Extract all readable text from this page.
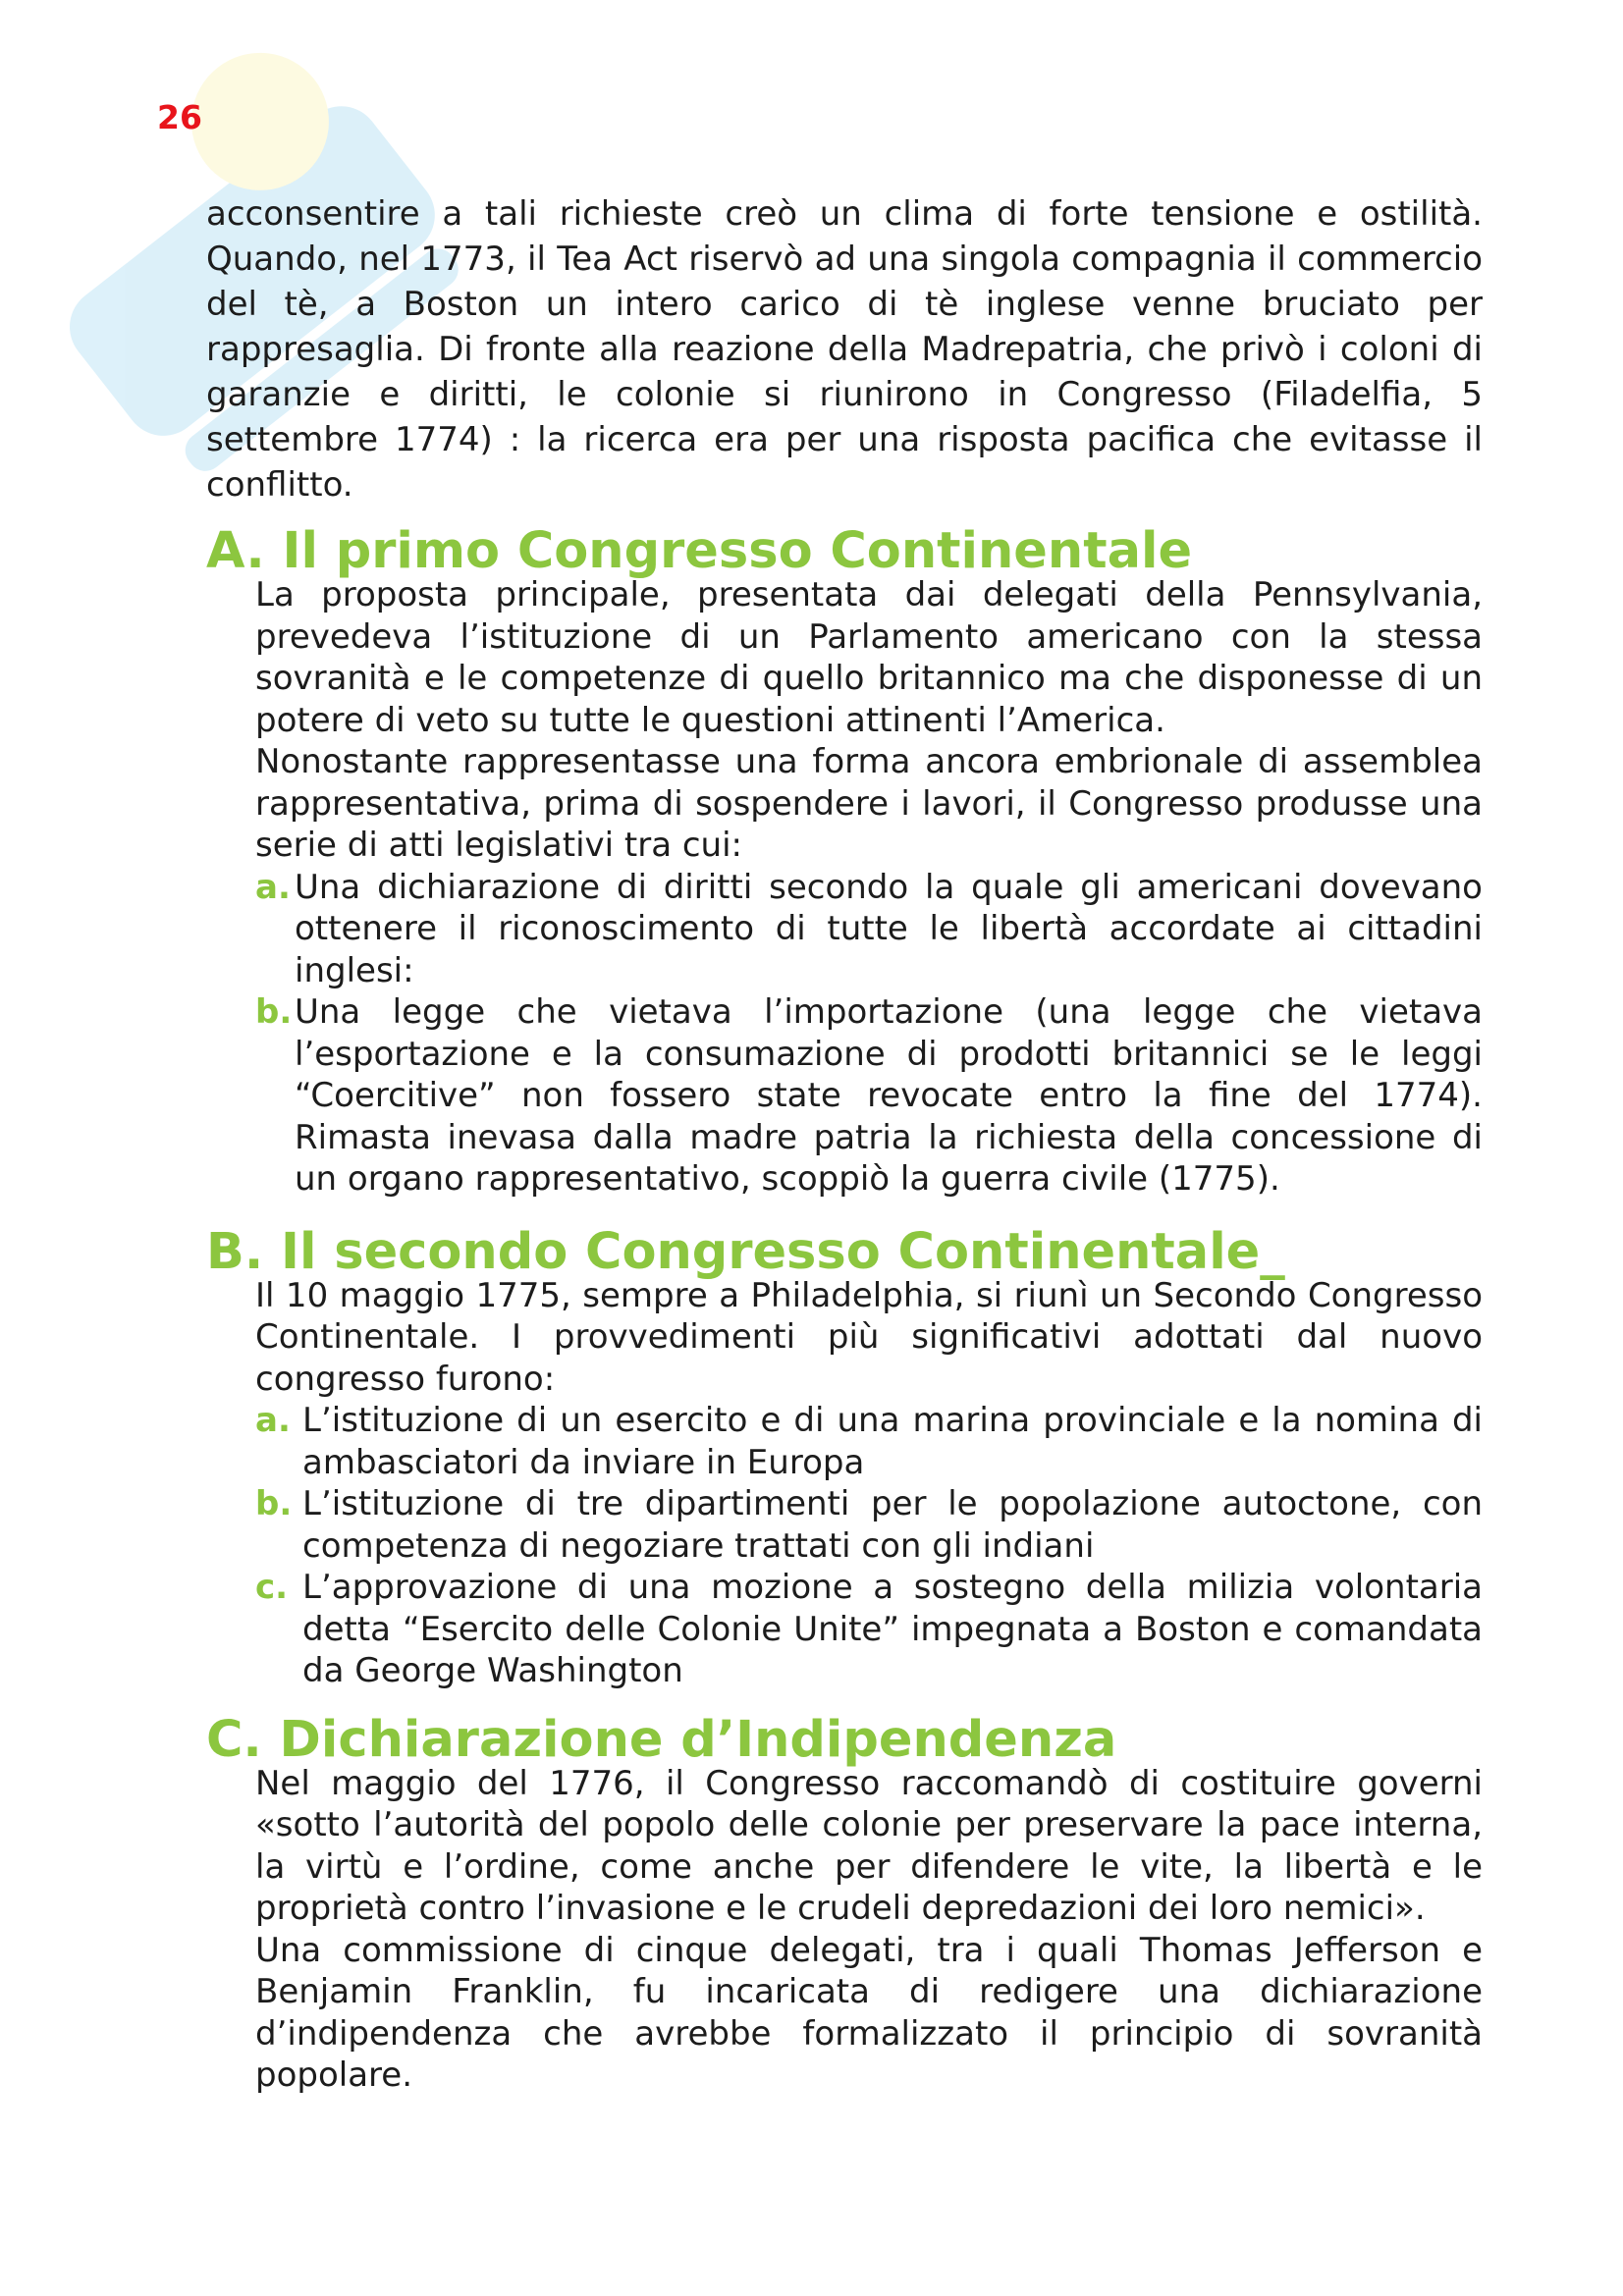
26

acconsentire a tali richieste creò un clima di forte tensione e ostilità. Quando, nel 1773, il Tea Act riservò ad una singola compagnia il commercio del tè, a Boston un intero carico di tè inglese venne bruciato per rappresaglia. Di fronte alla reazione della Madrepatria, che privò i coloni di garanzie e diritti, le colonie si riunirono in Congresso (Filadelfia, 5 settembre 1774) : la ricerca era per una risposta pacifica che evitasse il conflitto.

A. Il primo Congresso Continentale

La proposta principale, presentata dai delegati della Pennsylvania, prevedeva l’istituzione di un Parlamento americano con la stessa sovranità e le competenze di quello britannico ma che disponesse di un potere di veto su tutte le questioni attinenti l’America.

Nonostante rappresentasse una forma ancora embrionale di assemblea rappresentativa, prima di sospendere i lavori, il Congresso produsse una serie di atti legislativi tra cui:

a. Una dichiarazione di diritti secondo la quale gli americani dovevano ottenere il riconoscimento di tutte le libertà accordate ai cittadini inglesi:
b. Una legge che vietava l’importazione (una legge che vietava l’esportazione e la consumazione di prodotti britannici se le leggi “Coercitive” non fossero state revocate entro la fine del 1774). Rimasta inevasa dalla madre patria la richiesta della concessione di un organo rappresentativo, scoppiò la guerra civile (1775).
B. Il secondo Congresso Continentale_

Il 10 maggio 1775, sempre a Philadelphia, si riunì un Secondo Congresso Continentale. I provvedimenti più significativi adottati dal nuovo congresso furono:

a. L’istituzione di un esercito e di una marina provinciale e la nomina di ambasciatori da inviare in Europa
b. L’istituzione di tre dipartimenti per le popolazione autoctone, con competenza di negoziare trattati con gli indiani
c. L’approvazione di una mozione a sostegno della milizia volontaria detta “Esercito delle Colonie Unite” impegnata a Boston e comandata da George Washington
C. Dichiarazione d’Indipendenza

Nel maggio del 1776, il Congresso raccomandò di costituire governi «sotto l’autorità del popolo delle colonie per preservare la pace interna, la virtù e l’ordine, come anche per difendere le vite, la libertà e le proprietà contro l’invasione e le crudeli depredazioni dei loro nemici».

Una commissione di cinque delegati, tra i quali Thomas Jefferson e Benjamin Franklin, fu incaricata di redigere una dichiarazione d’indipendenza che avrebbe formalizzato il principio di sovranità popolare.
